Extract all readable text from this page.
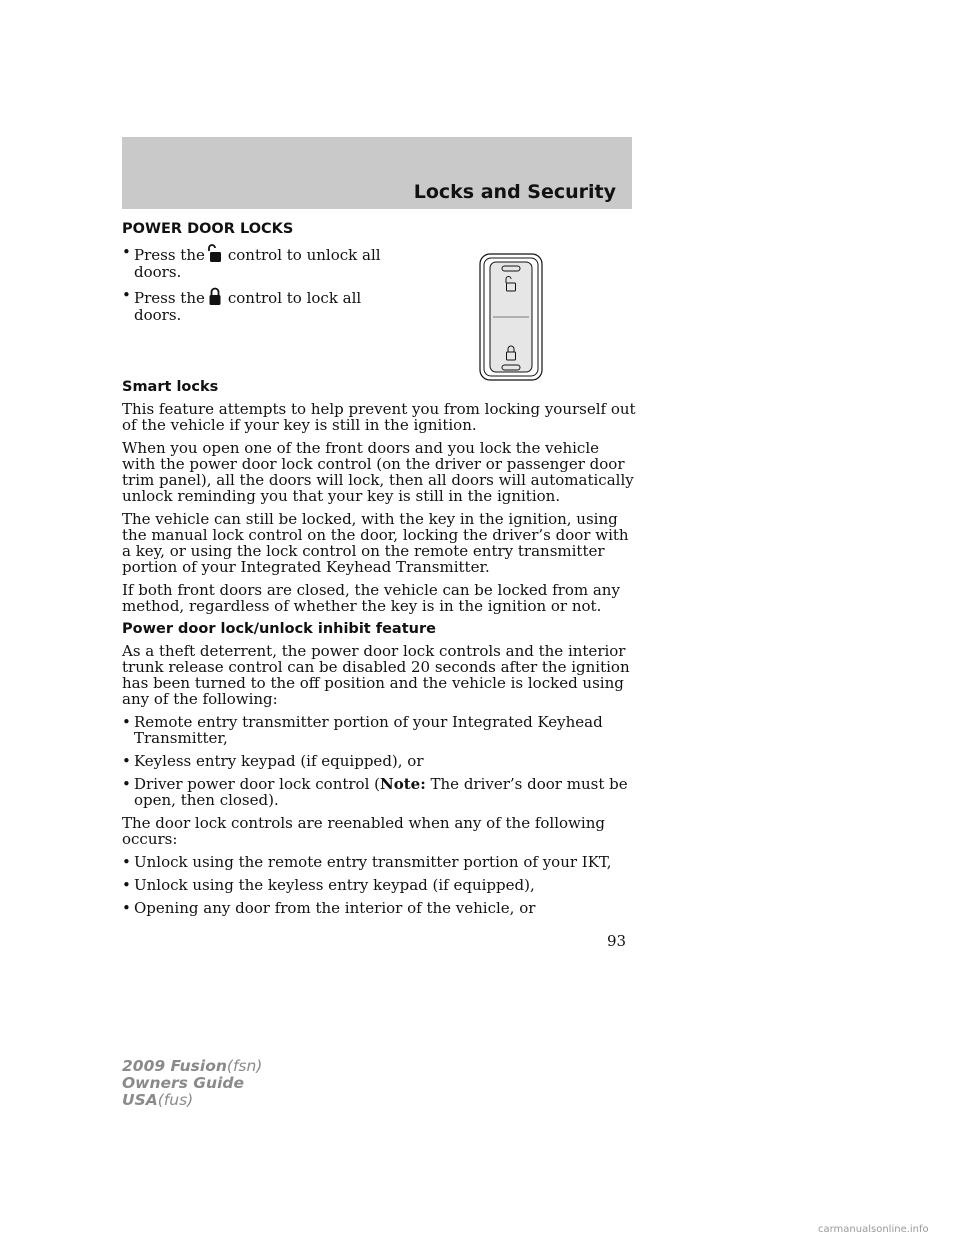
Locks and Security
POWER DOOR LOCKS
• Press the control to unlock all doors.
• Press the control to lock all doors.
Smart locks

This feature attempts to help prevent you from locking yourself out of the vehicle if your key is still in the ignition.

When you open one of the front doors and you lock the vehicle with the power door lock control (on the driver or passenger door trim panel), all the doors will lock, then all doors will automatically unlock reminding you that your key is still in the ignition.

The vehicle can still be locked, with the key in the ignition, using the manual lock control on the door, locking the driver’s door with a key, or using the lock control on the remote entry transmitter portion of your Integrated Keyhead Transmitter.

If both front doors are closed, the vehicle can be locked from any method, regardless of whether the key is in the ignition or not.

Power door lock/unlock inhibit feature

As a theft deterrent, the power door lock controls and the interior trunk release control can be disabled 20 seconds after the ignition has been turned to the off position and the vehicle is locked using any of the following:

• Remote entry transmitter portion of your Integrated Keyhead Transmitter,
• Keyless entry keypad (if equipped), or
• Driver power door lock control (Note: The driver’s door must be open, then closed).

The door lock controls are reenabled when any of the following occurs:

• Unlock using the remote entry transmitter portion of your IKT,
• Unlock using the keyless entry keypad (if equipped),
• Opening any door from the interior of the vehicle, or
93
2009 Fusion(fsn)
Owners Guide
USA(fus)
carmanualsonline.info
